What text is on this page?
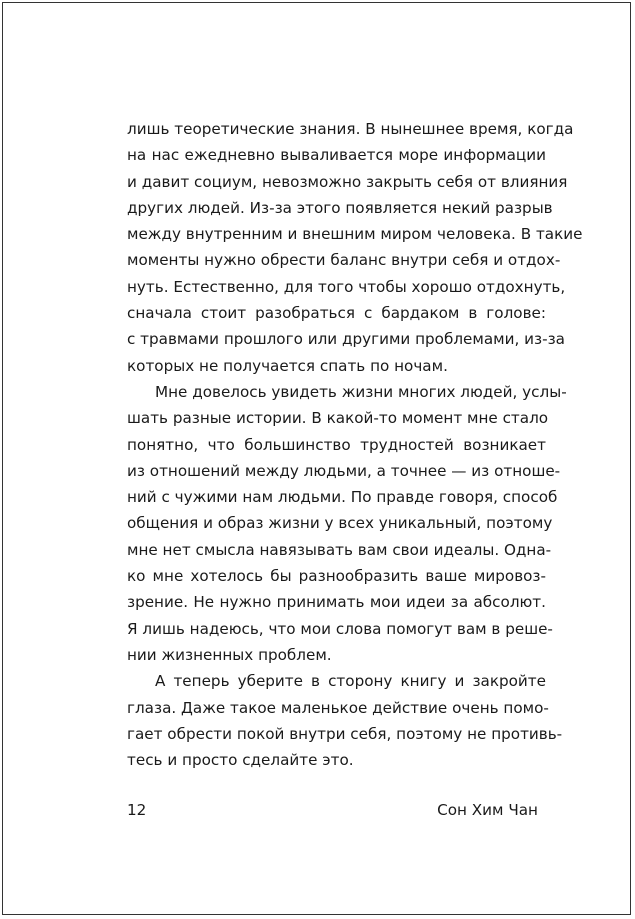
лишь теоретические знания. В нынешнее время, когда
на нас ежедневно вываливается море информации
и давит социум, невозможно закрыть себя от влияния
других людей. Из-за этого появляется некий разрыв
между внутренним и внешним миром человека. В такие
моменты нужно обрести баланс внутри себя и отдох-
нуть. Естественно, для того чтобы хорошо отдохнуть,
сначала стоит разобраться с бардаком в голове:
с травмами прошлого или другими проблемами, из-за
которых не получается спать по ночам.
Мне довелось увидеть жизни многих людей, услы-
шать разные истории. В какой-то момент мне стало
понятно, что большинство трудностей возникает
из отношений между людьми, а точнее — из отноше-
ний с чужими нам людьми. По правде говоря, способ
общения и образ жизни у всех уникальный, поэтому
мне нет смысла навязывать вам свои идеалы. Одна-
ко мне хотелось бы разнообразить ваше мировоз-
зрение. Не нужно принимать мои идеи за абсолют.
Я лишь надеюсь, что мои слова помогут вам в реше-
нии жизненных проблем.
А теперь уберите в сторону книгу и закройте
глаза. Даже такое маленькое действие очень помо-
гает обрести покой внутри себя, поэтому не противь-
тесь и просто сделайте это.
12	Сон Хим Чан
